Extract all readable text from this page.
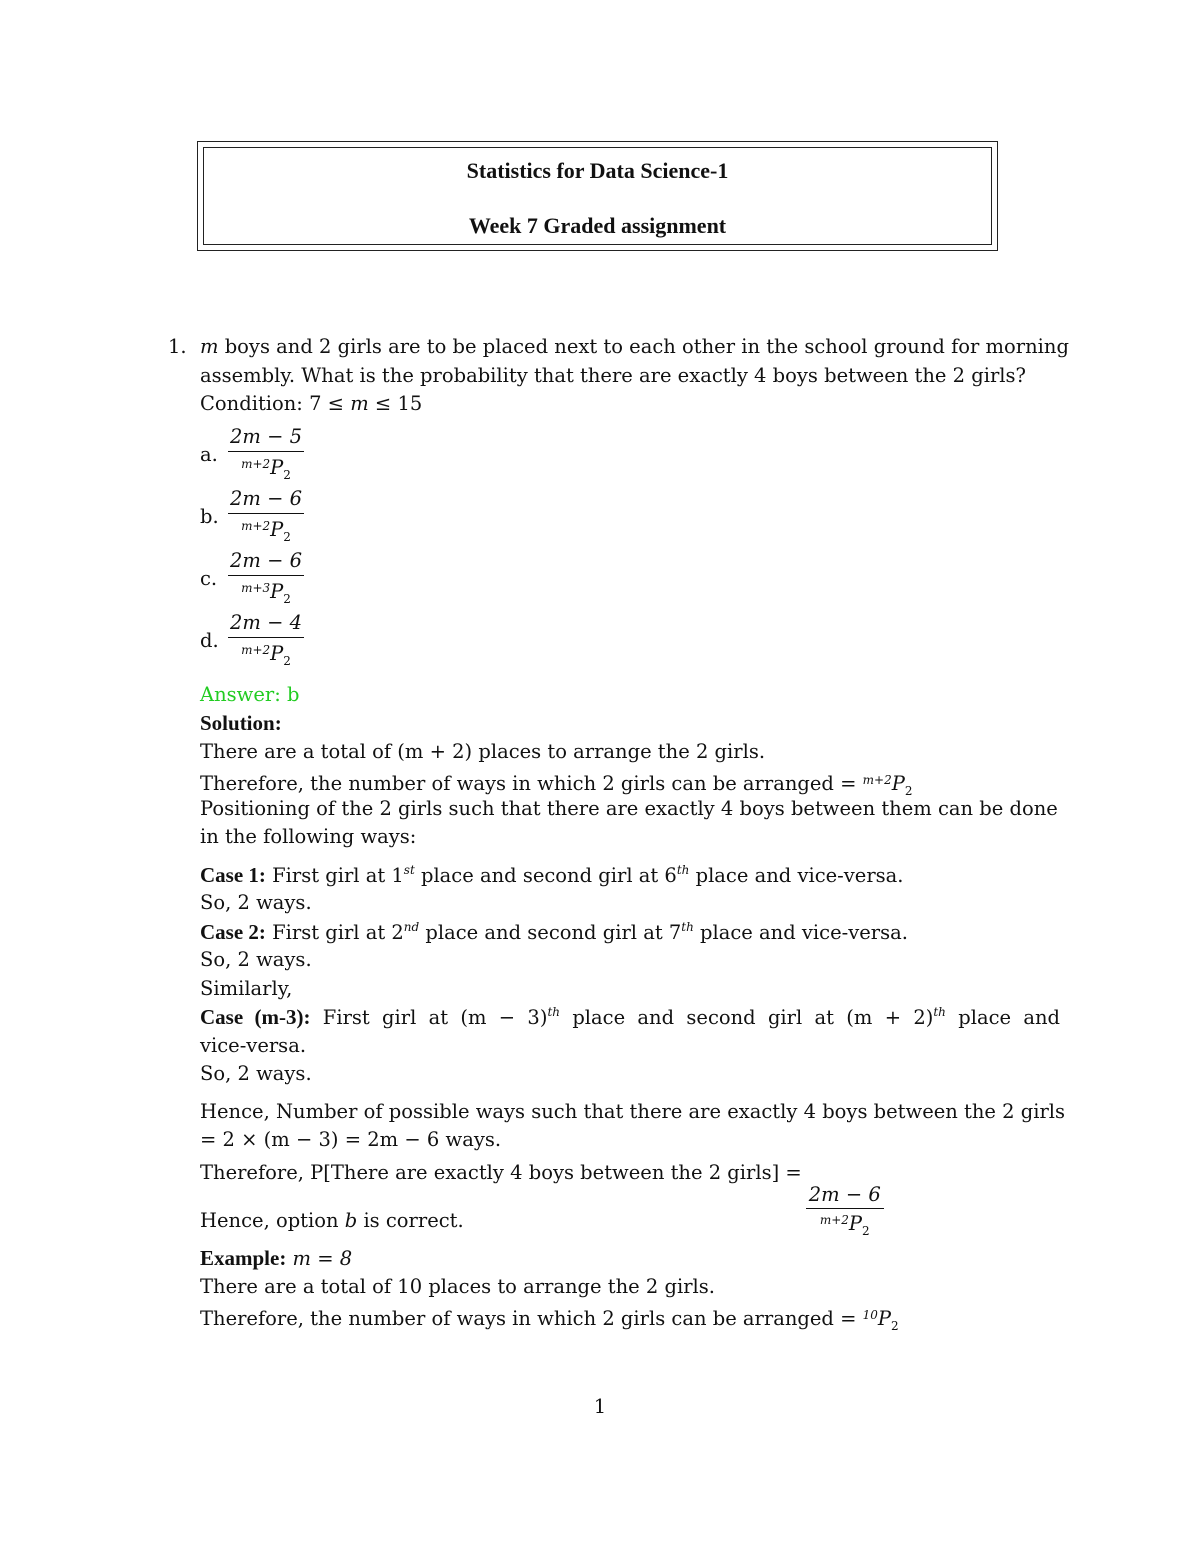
Statistics for Data Science-1
Week 7 Graded assignment
1. m boys and 2 girls are to be placed next to each other in the school ground for morning
assembly. What is the probability that there are exactly 4 boys between the 2 girls?
Condition: 7 ≤ m ≤ 15
a. $\frac{2m - 5}{^{m+2}P_2}$
b. $\frac{2m - 6}{^{m+2}P_2}$
c. $\frac{2m - 6}{^{m+3}P_2}$
d. $\frac{2m - 4}{^{m+2}P_2}$
Answer: b
Solution:
There are a total of (m + 2) places to arrange the 2 girls.
Therefore, the number of ways in which 2 girls can be arranged = $^{m+2}P_2$
Positioning of the 2 girls such that there are exactly 4 boys between them can be done
in the following ways:
Case 1: First girl at 1st place and second girl at 6th place and vice-versa.
So, 2 ways.
Case 2: First girl at 2nd place and second girl at 7th place and vice-versa.
So, 2 ways.
Similarly,
Case (m-3): First girl at $(m - 3)^{th}$ place and second girl at $(m + 2)^{th}$ place and
vice-versa.
So, 2 ways.
Hence, Number of possible ways such that there are exactly 4 boys between the 2 girls
= 2 × (m − 3) = 2m − 6 ways.
Therefore, P[There are exactly 4 boys between the 2 girls] =
$\frac{2m - 6}{^{m+2}P_2}$
Hence, option b is correct.
Example: m = 8
There are a total of 10 places to arrange the 2 girls.
Therefore, the number of ways in which 2 girls can be arranged = $^{10}P_2$
1
